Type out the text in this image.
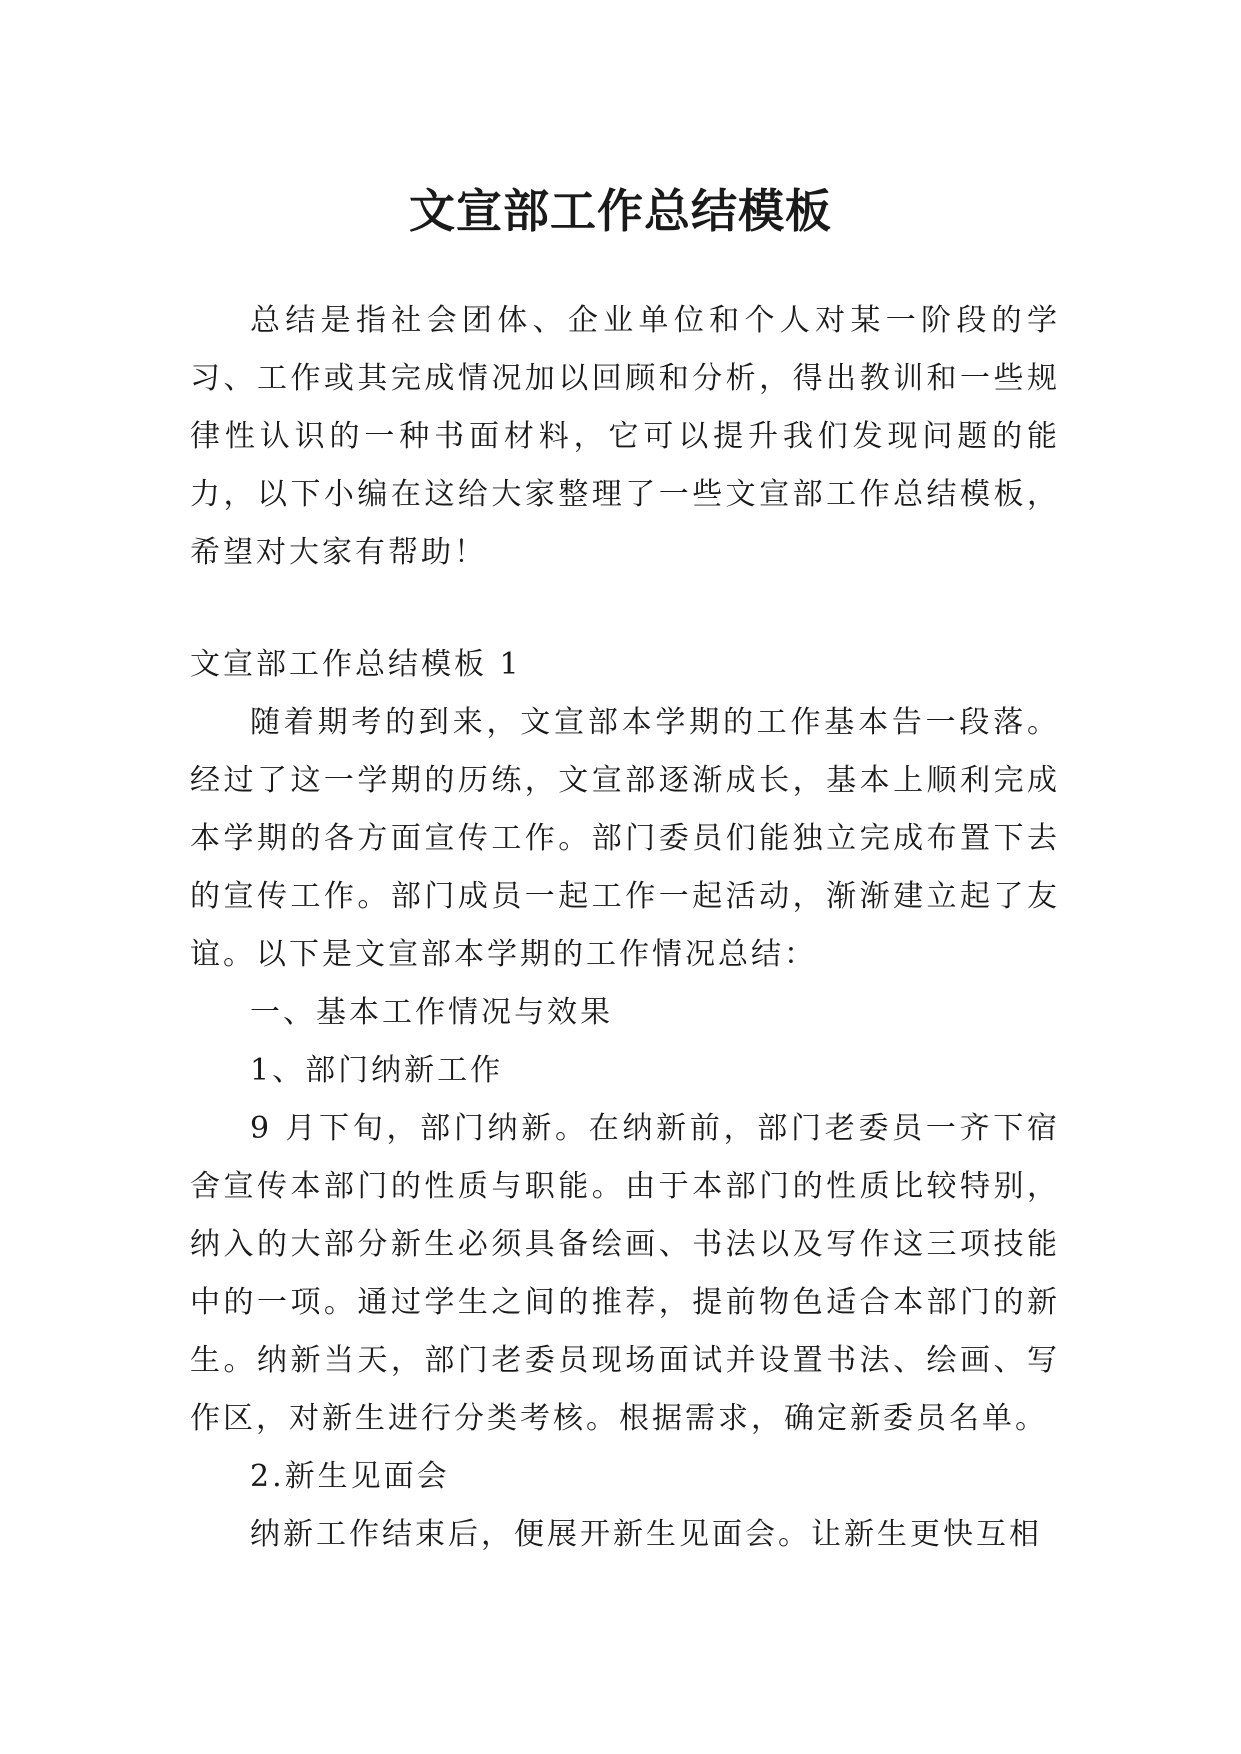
文宣部工作总结模板

总结是指社会团体、企业单位和个人对某一阶段的学习、工作或其完成情况加以回顾和分析，得出教训和一些规律性认识的一种书面材料，它可以提升我们发现问题的能力，以下小编在这给大家整理了一些文宣部工作总结模板，希望对大家有帮助！

文宣部工作总结模板 1

随着期考的到来，文宣部本学期的工作基本告一段落。经过了这一学期的历练，文宣部逐渐成长，基本上顺利完成本学期的各方面宣传工作。部门委员们能独立完成布置下去的宣传工作。部门成员一起工作一起活动，渐渐建立起了友谊。以下是文宣部本学期的工作情况总结：

一、基本工作情况与效果

1、部门纳新工作

9 月下旬，部门纳新。在纳新前，部门老委员一齐下宿舍宣传本部门的性质与职能。由于本部门的性质比较特别，纳入的大部分新生必须具备绘画、书法以及写作这三项技能中的一项。通过学生之间的推荐，提前物色适合本部门的新生。纳新当天，部门老委员现场面试并设置书法、绘画、写作区，对新生进行分类考核。根据需求，确定新委员名单。

2.新生见面会

纳新工作结束后，便展开新生见面会。让新生更快互相
